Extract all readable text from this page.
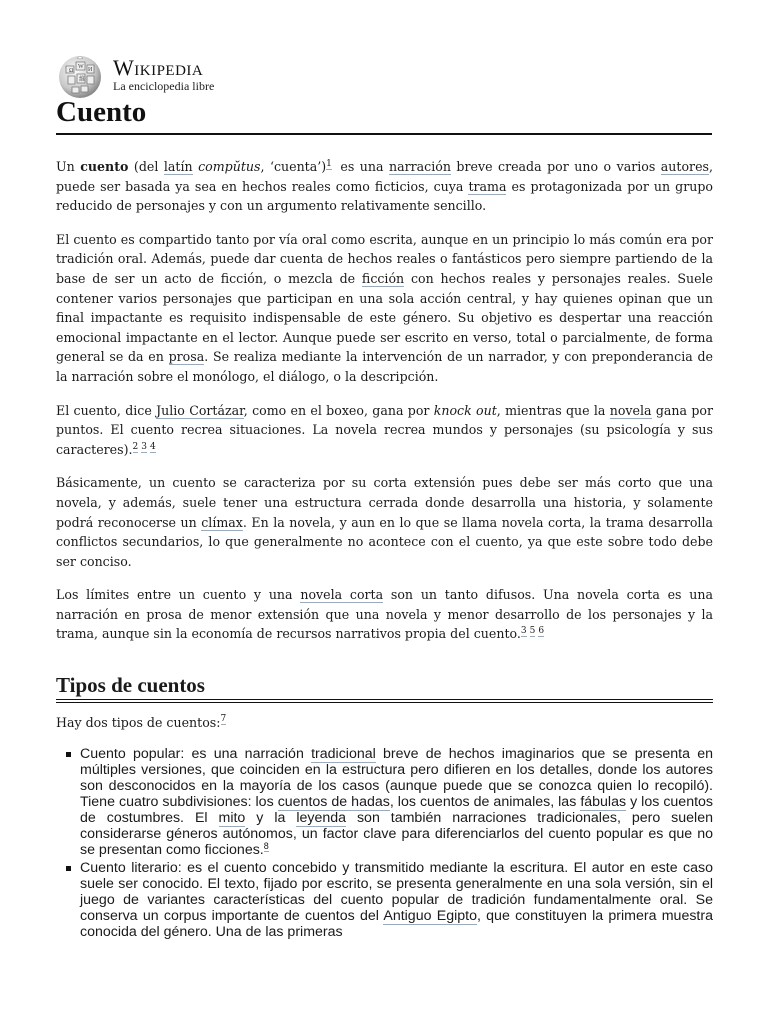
Ω
W И
維 Wikipedia
La enciclopedia libre
Cuento

Un cuento (del latín compŭtus, ‘cuenta’)$^1$ es una narración breve creada por uno o varios autores, puede ser basada ya sea en hechos reales como ficticios, cuya trama es protagonizada por un grupo reducido de personajes y con un argumento relativamente sencillo.

El cuento es compartido tanto por vía oral como escrita, aunque en un principio lo más común era por tradición oral. Además, puede dar cuenta de hechos reales o fantásticos pero siempre partiendo de la base de ser un acto de ficción, o mezcla de ficción con hechos reales y personajes reales. Suele contener varios personajes que participan en una sola acción central, y hay quienes opinan que un final impactante es requisito indispensable de este género. Su objetivo es despertar una reacción emocional impactante en el lector. Aunque puede ser escrito en verso, total o parcialmente, de forma general se da en prosa. Se realiza mediante la intervención de un narrador, y con preponderancia de la narración sobre el monólogo, el diálogo, o la descripción.

El cuento, dice Julio Cortázar, como en el boxeo, gana por knock out, mientras que la novela gana por puntos. El cuento recrea situaciones. La novela recrea mundos y personajes (su psicología y sus caracteres).$^{2 3 4}$

Básicamente, un cuento se caracteriza por su corta extensión pues debe ser más corto que una novela, y además, suele tener una estructura cerrada donde desarrolla una historia, y solamente podrá reconocerse un clímax. En la novela, y aun en lo que se llama novela corta, la trama desarrolla conflictos secundarios, lo que generalmente no acontece con el cuento, ya que este sobre todo debe ser conciso.

Los límites entre un cuento y una novela corta son un tanto difusos. Una novela corta es una narración en prosa de menor extensión que una novela y menor desarrollo de los personajes y la trama, aunque sin la economía de recursos narrativos propia del cuento.$^{3 5 6}$

Tipos de cuentos

Hay dos tipos de cuentos:$^7$

Cuento popular: es una narración tradicional breve de hechos imaginarios que se presenta en múltiples versiones, que coinciden en la estructura pero difieren en los detalles, donde los autores son desconocidos en la mayoría de los casos (aunque puede que se conozca quien lo recopiló). Tiene cuatro subdivisiones: los cuentos de hadas, los cuentos de animales, las fábulas y los cuentos de costumbres. El mito y la leyenda son también narraciones tradicionales, pero suelen considerarse géneros autónomos, un factor clave para diferenciarlos del cuento popular es que no se presentan como ficciones.$^8$
Cuento literario: es el cuento concebido y transmitido mediante la escritura. El autor en este caso suele ser conocido. El texto, fijado por escrito, se presenta generalmente en una sola versión, sin el juego de variantes características del cuento popular de tradición fundamentalmente oral. Se conserva un corpus importante de cuentos del Antiguo Egipto, que constituyen la primera muestra conocida del género. Una de las primeras
